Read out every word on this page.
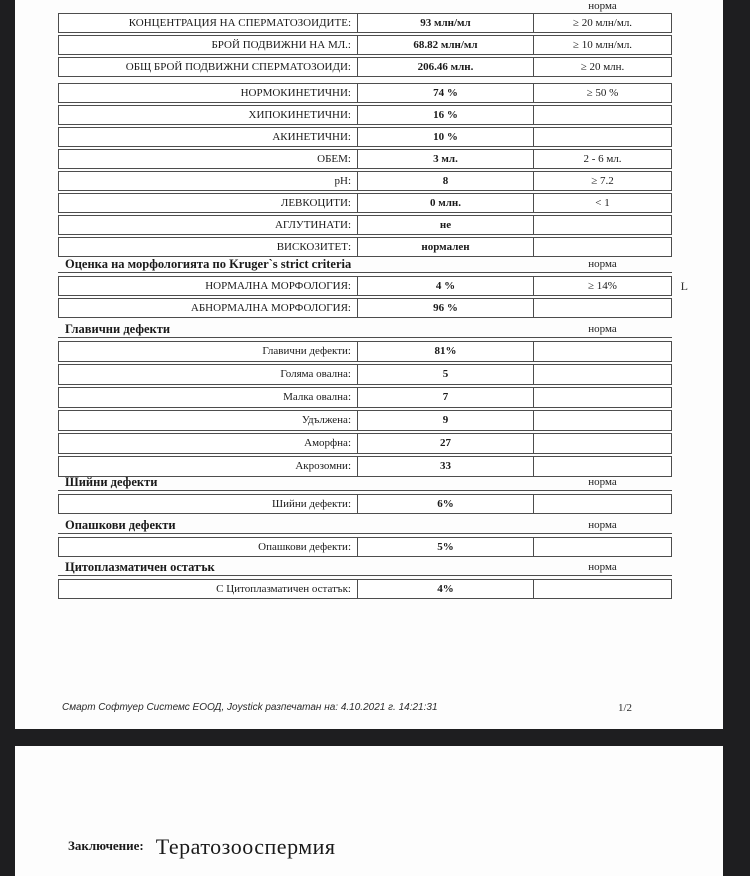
норма
КОНЦЕНТРАЦИЯ НА СПЕРМАТОЗОИДИТЕ:	93 млн/мл	≥ 20 млн/мл.
БРОЙ ПОДВИЖНИ НА МЛ.:	68.82 млн/мл	≥ 10 млн/мл.
ОБЩ БРОЙ ПОДВИЖНИ СПЕРМАТОЗОИДИ:	206.46 млн.	≥ 20 млн.
НОРМОКИНЕТИЧНИ:	74 %	≥ 50 %
ХИПОКИНЕТИЧНИ:	16 %
АКИНЕТИЧНИ:	10 %
ОБЕМ:	3 мл.	2 - 6 мл.
pH:	8	≥ 7.2
ЛЕВКОЦИТИ:	0 млн.	< 1
АГЛУТИНАТИ:	не
ВИСКОЗИТЕТ:	нормален
Оценка на морфологията по Kruger`s strict criteria	норма
НОРМАЛНА МОРФОЛОГИЯ:	4 %	≥ 14%	L
АБНОРМАЛНА МОРФОЛОГИЯ:	96 %
Главични дефекти	норма
Главични дефекти:	81%
Голяма овална:	5
Малка овална:	7
Удължена:	9
Аморфна:	27
Акрозомни:	33
Шийни дефекти	норма
Шийни дефекти:	6%
Опашкови дефекти	норма
Опашкови дефекти:	5%
Цитоплазматичен остатък	норма
С Цитоплазматичен остатък:	4%
Смарт Софтуер Системс ЕООД, Joystick разпечатан на: 4.10.2021 г. 14:21:31	1/2
$^{Заключение:}$ Тератозооспермия
